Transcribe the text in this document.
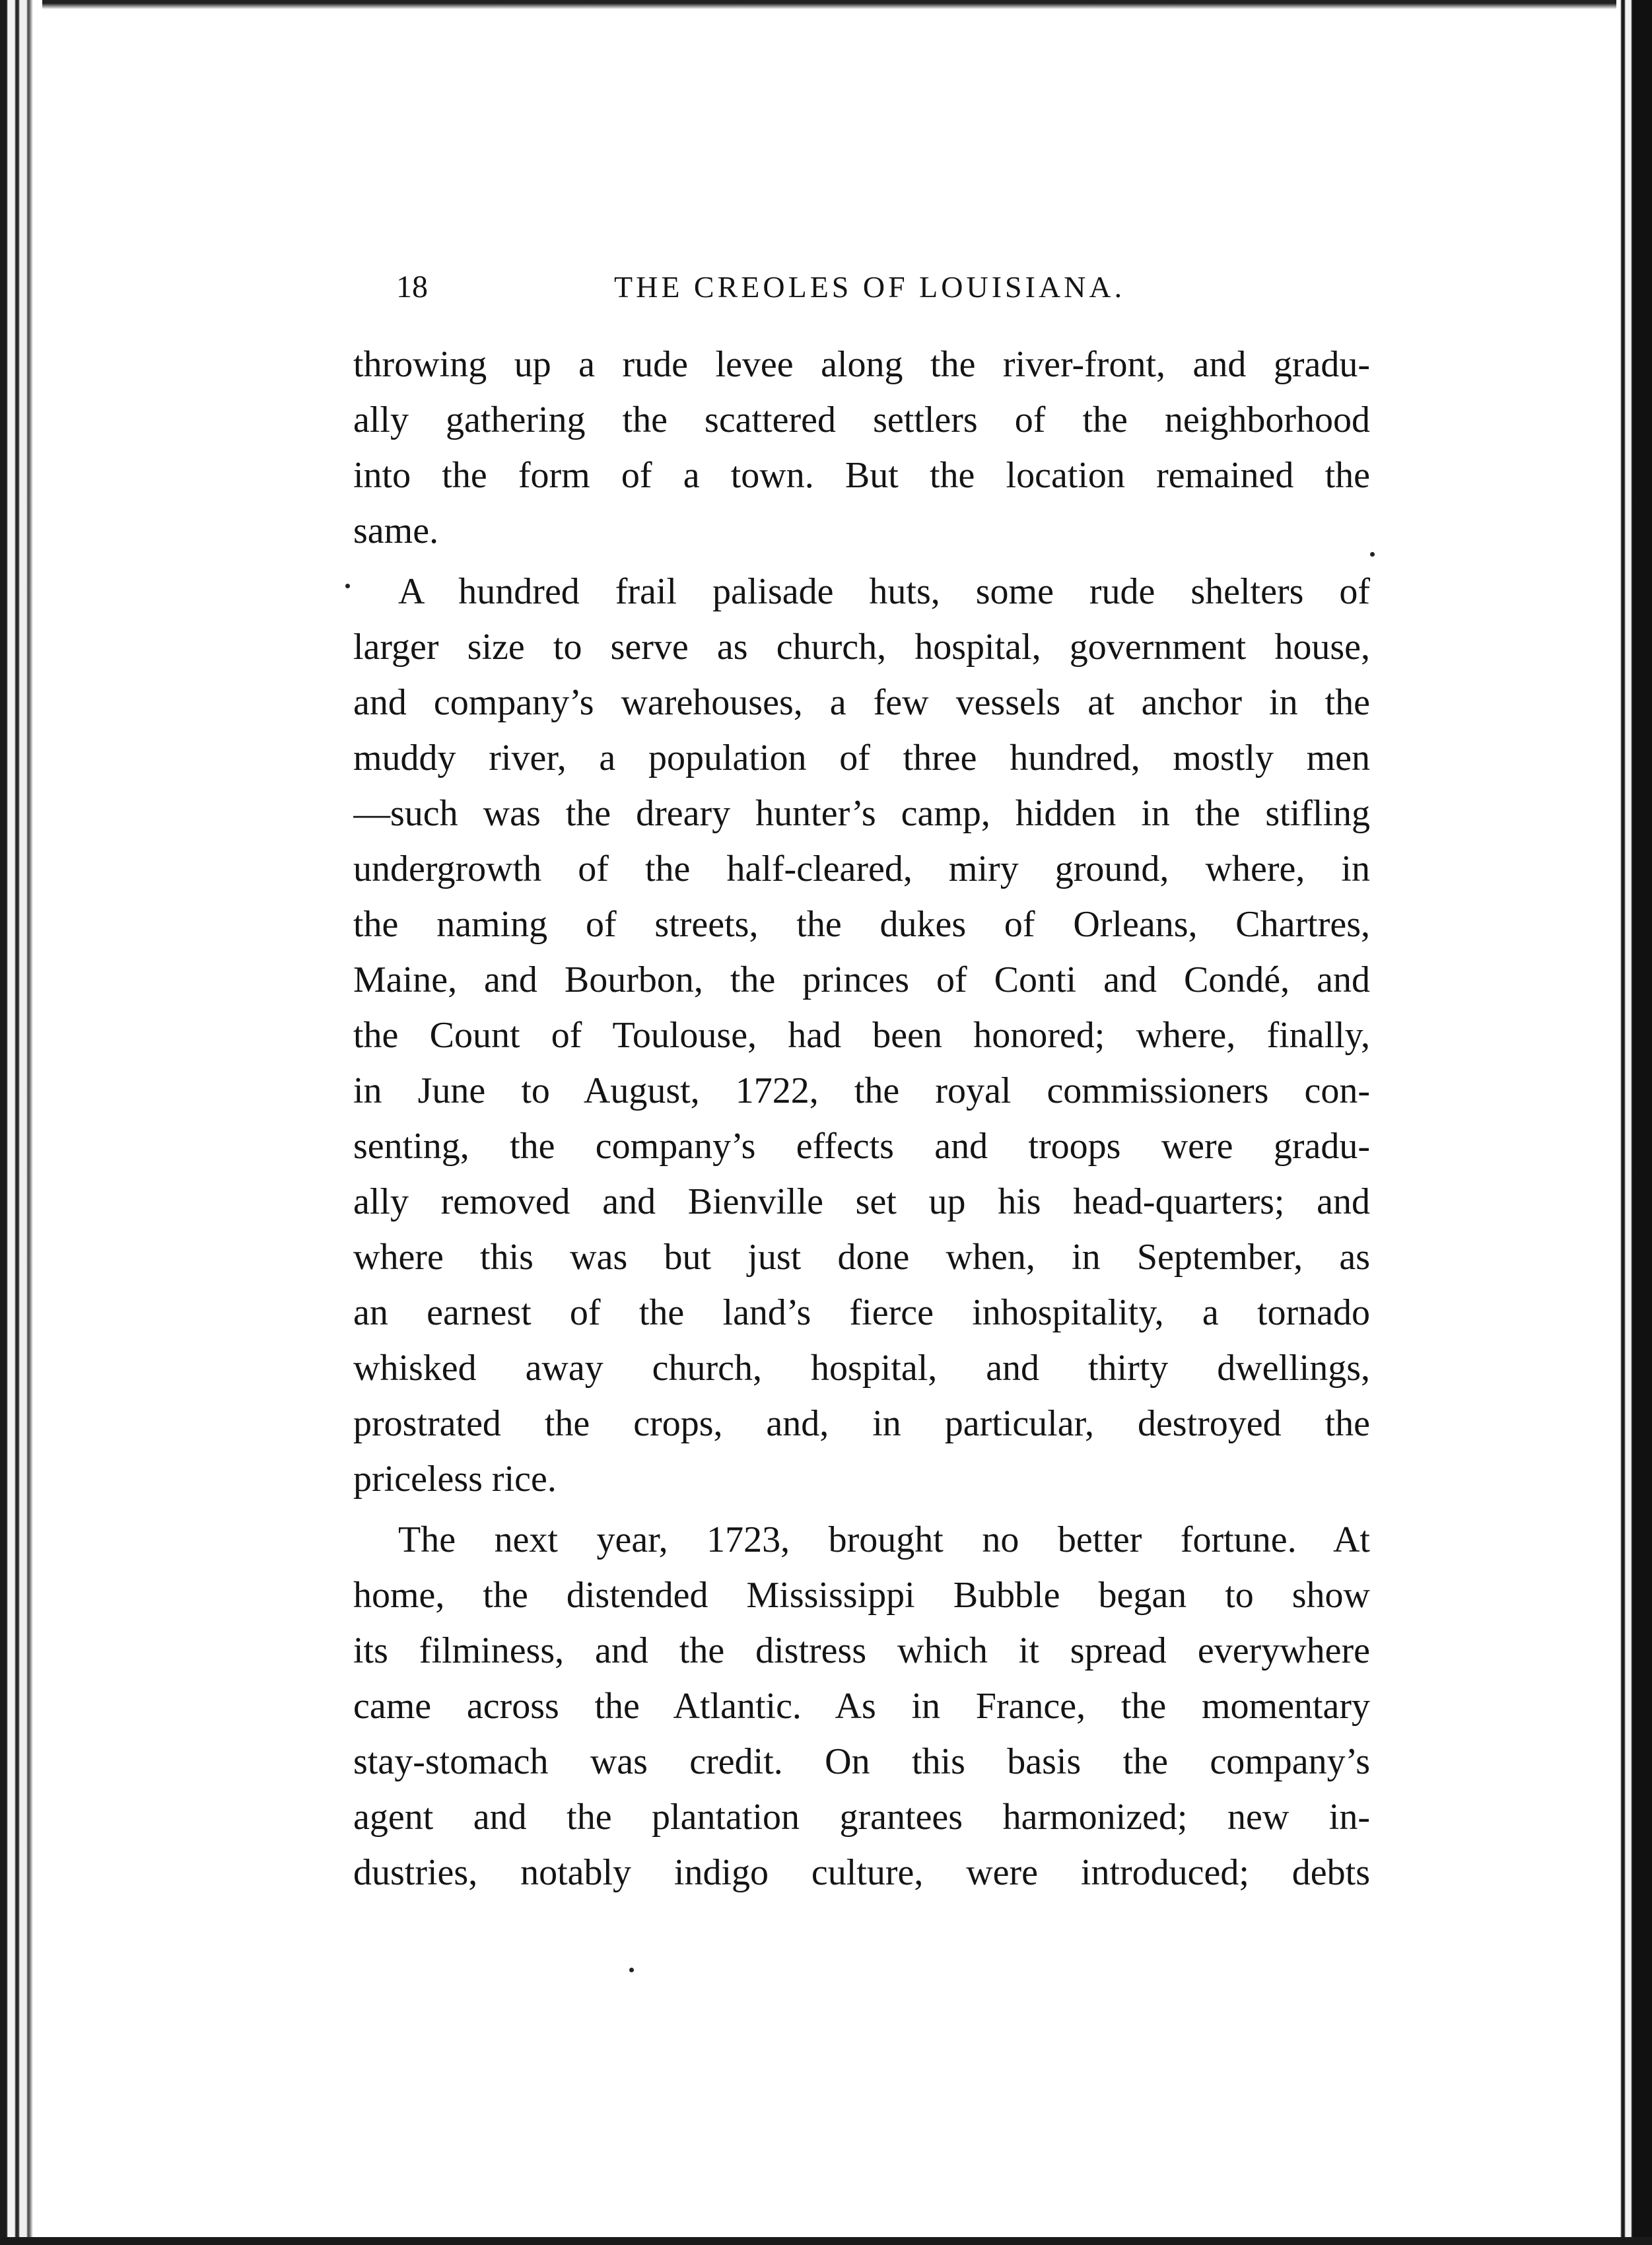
18	THE CREOLES OF LOUISIANA.

throwing up a rude levee along the river-front, and gradu-
ally gathering the scattered settlers of the neighborhood
into the form of a town. But the location remained the
same.

A hundred frail palisade huts, some rude shelters of
larger size to serve as church, hospital, government house,
and company’s warehouses, a few vessels at anchor in the
muddy river, a population of three hundred, mostly men
—such was the dreary hunter’s camp, hidden in the stifling
undergrowth of the half-cleared, miry ground, where, in
the naming of streets, the dukes of Orleans, Chartres,
Maine, and Bourbon, the princes of Conti and Condé, and
the Count of Toulouse, had been honored; where, finally,
in June to August, 1722, the royal commissioners con-
senting, the company’s effects and troops were gradu-
ally removed and Bienville set up his head-quarters; and
where this was but just done when, in September, as
an earnest of the land’s fierce inhospitality, a tornado
whisked away church, hospital, and thirty dwellings,
prostrated the crops, and, in particular, destroyed the
priceless rice.

The next year, 1723, brought no better fortune. At
home, the distended Mississippi Bubble began to show
its filminess, and the distress which it spread everywhere
came across the Atlantic. As in France, the momentary
stay-stomach was credit. On this basis the company’s
agent and the plantation grantees harmonized; new in-
dustries, notably indigo culture, were introduced; debts
